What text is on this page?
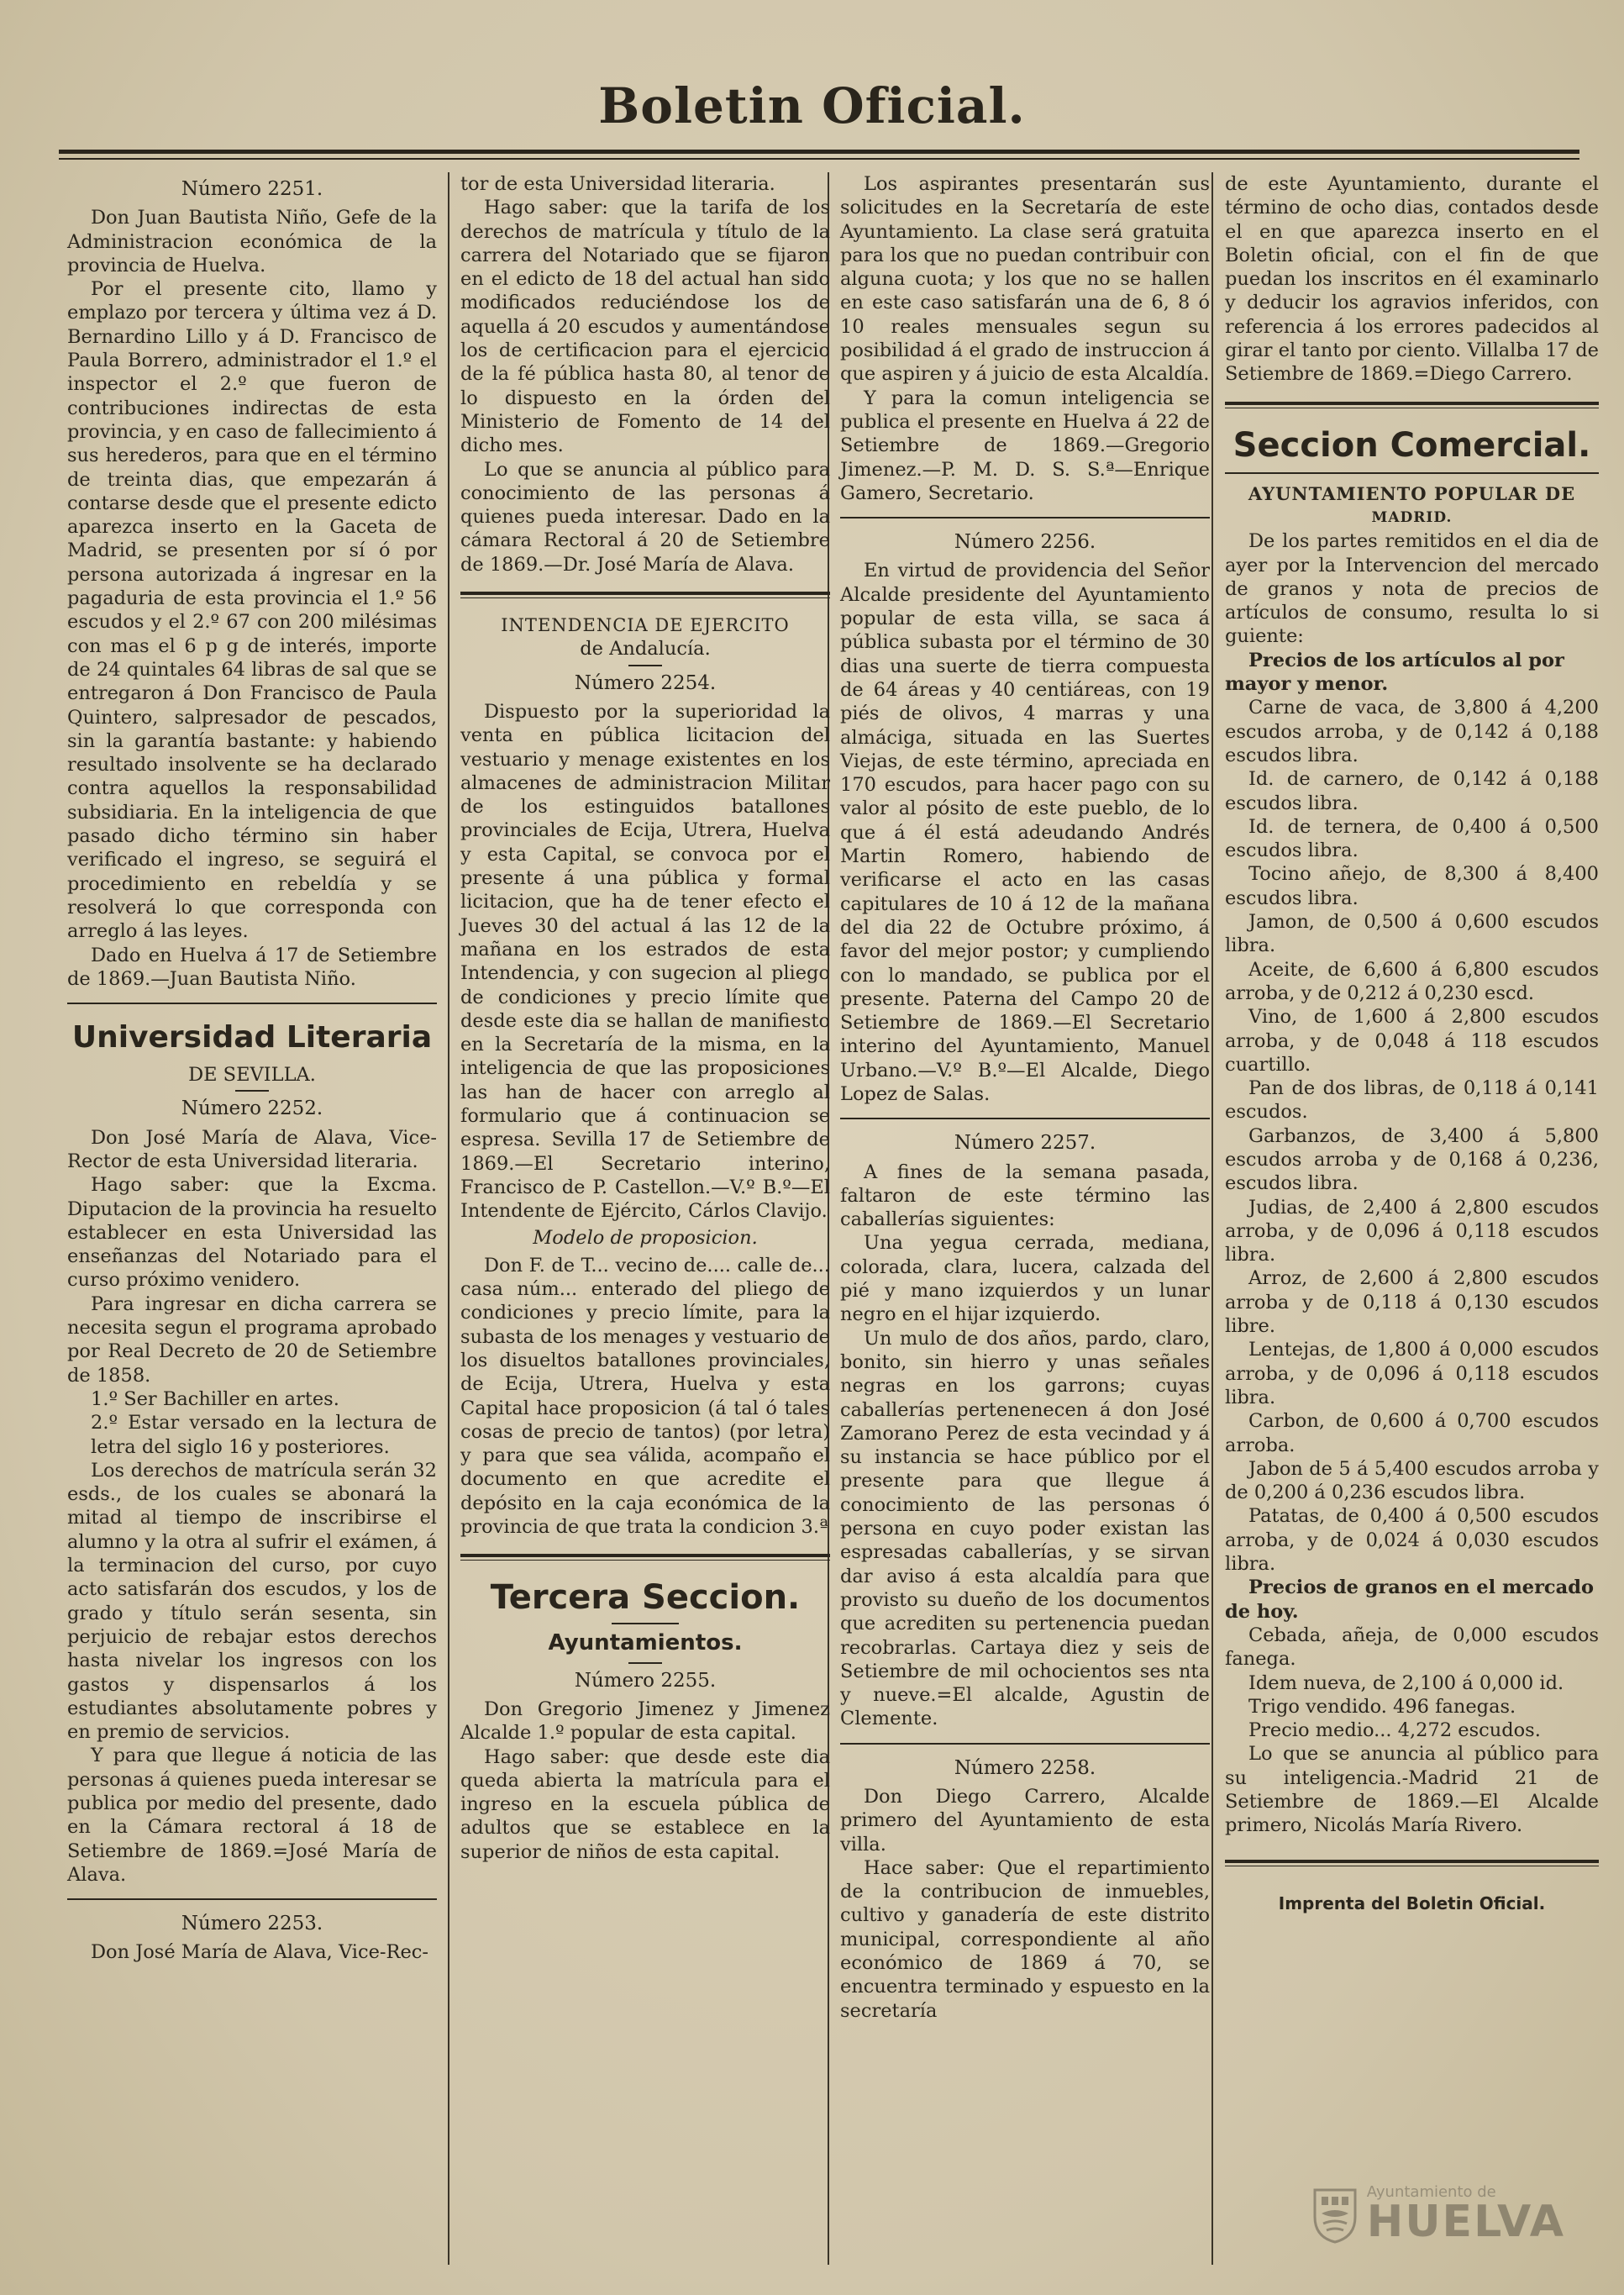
Boletin Oficial.

Número 2251.

Don Juan Bautista Niño, Gefe de la Administracion económica de la provincia de Huelva.

Por el presente cito, llamo y emplazo por tercera y última vez á D. Bernardino Lillo y á D. Francisco de Paula Borrero, administrador el 1.º el inspector el 2.º que fueron de contribuciones indirectas de esta provincia, y en caso de fallecimiento á sus herederos, para que en el término de treinta dias, que empezarán á contarse desde que el presente edicto aparezca inserto en la Gaceta de Madrid, se presenten por sí ó por persona autorizada á ingresar en la pagaduria de esta provincia el 1.º 56 escudos y el 2.º 67 con 200 milésimas con mas el 6 p g de interés, importe de 24 quintales 64 libras de sal que se entregaron á Don Francisco de Paula Quintero, salpresador de pescados, sin la garantía bastante: y habiendo resultado insolvente se ha declarado contra aquellos la responsabilidad subsidiaria. En la inteligencia de que pasado dicho término sin haber verificado el ingreso, se seguirá el procedimiento en rebeldía y se resolverá lo que corresponda con arreglo á las leyes.

Dado en Huelva á 17 de Setiembre de 1869.—Juan Bautista Niño.

Universidad Literaria

DE SEVILLA.

Número 2252.

Don José María de Alava, Vice-Rector de esta Universidad literaria.

Hago saber: que la Excma. Diputacion de la provincia ha resuelto establecer en esta Universidad las enseñanzas del Notariado para el curso próximo venidero.

Para ingresar en dicha carrera se necesita segun el programa aprobado por Real Decreto de 20 de Setiembre de 1858.

1.º Ser Bachiller en artes.

2.º Estar versado en la lectura de letra del siglo 16 y posteriores.

Los derechos de matrícula serán 32 esds., de los cuales se abonará la mitad al tiempo de inscribirse el alumno y la otra al sufrir el exámen, á la terminacion del curso, por cuyo acto satisfarán dos escudos, y los de grado y título serán sesenta, sin perjuicio de rebajar estos derechos hasta nivelar los ingresos con los gastos y dispensarlos á los estudiantes absolutamente pobres y en premio de servicios.

Y para que llegue á noticia de las personas á quienes pueda interesar se publica por medio del presente, dado en la Cámara rectoral á 18 de Setiembre de 1869.=José María de Alava.

Número 2253.

Don José María de Alava, Vice-Rec-

tor de esta Universidad literaria.

Hago saber: que la tarifa de los derechos de matrícula y título de la carrera del Notariado que se fijaron en el edicto de 18 del actual han sido modificados reduciéndose los de aquella á 20 escudos y aumentándose los de certificacion para el ejercicio de la fé pública hasta 80, al tenor de lo dispuesto en la órden del Ministerio de Fomento de 14 del dicho mes.

Lo que se anuncia al público para conocimiento de las personas á quienes pueda interesar. Dado en la cámara Rectoral á 20 de Setiembre de 1869.—Dr. José María de Alava.

INTENDENCIA DE EJERCITO

de Andalucía.

Número 2254.

Dispuesto por la superioridad la venta en pública licitacion del vestuario y menage existentes en los almacenes de administracion Militar de los estinguidos batallones provinciales de Ecija, Utrera, Huelva y esta Capital, se convoca por el presente á una pública y formal licitacion, que ha de tener efecto el Jueves 30 del actual á las 12 de la mañana en los estrados de esta Intendencia, y con sugecion al pliego de condiciones y precio límite que desde este dia se hallan de manifiesto en la Secretaría de la misma, en la inteligencia de que las proposiciones las han de hacer con arreglo al formulario que á continuacion se espresa. Sevilla 17 de Setiembre de 1869.—El Secretario interino, Francisco de P. Castellon.—V.º B.º—El Intendente de Ejército, Cárlos Clavijo.

Modelo de proposicion.

Don F. de T... vecino de.... calle de... casa núm... enterado del pliego de condiciones y precio límite, para la subasta de los menages y vestuario de los disueltos batallones provinciales, de Ecija, Utrera, Huelva y esta Capital hace proposicion (á tal ó tales cosas de precio de tantos) (por letra) y para que sea válida, acompaño el documento en que acredite el depósito en la caja económica de la provincia de que trata la condicion 3.ª

Tercera Seccion.

Ayuntamientos.

Número 2255.

Don Gregorio Jimenez y Jimenez Alcalde 1.º popular de esta capital.

Hago saber: que desde este dia queda abierta la matrícula para el ingreso en la escuela pública de adultos que se establece en la superior de niños de esta capital.

Los aspirantes presentarán sus solicitudes en la Secretaría de este Ayuntamiento. La clase será gratuita para los que no puedan contribuir con alguna cuota; y los que no se hallen en este caso satisfarán una de 6, 8 ó 10 reales mensuales segun su posibilidad á el grado de instruccion á que aspiren y á juicio de esta Alcaldía.

Y para la comun inteligencia se publica el presente en Huelva á 22 de Setiembre de 1869.—Gregorio Jimenez.—P. M. D. S. S.ª—Enrique Gamero, Secretario.

Número 2256.

En virtud de providencia del Señor Alcalde presidente del Ayuntamiento popular de esta villa, se saca á pública subasta por el término de 30 dias una suerte de tierra compuesta de 64 áreas y 40 centiáreas, con 19 piés de olivos, 4 marras y una almáciga, situada en las Suertes Viejas, de este término, apreciada en 170 escudos, para hacer pago con su valor al pósito de este pueblo, de lo que á él está adeudando Andrés Martin Romero, habiendo de verificarse el acto en las casas capitulares de 10 á 12 de la mañana del dia 22 de Octubre próximo, á favor del mejor postor; y cumpliendo con lo mandado, se publica por el presente. Paterna del Campo 20 de Setiembre de 1869.—El Secretario interino del Ayuntamiento, Manuel Urbano.—V.º B.º—El Alcalde, Diego Lopez de Salas.

Número 2257.

A fines de la semana pasada, faltaron de este término las caballerías siguientes:

Una yegua cerrada, mediana, colorada, clara, lucera, calzada del pié y mano izquierdos y un lunar negro en el hijar izquierdo.

Un mulo de dos años, pardo, claro, bonito, sin hierro y unas señales negras en los garrons; cuyas caballerías pertenenecen á don José Zamorano Perez de esta vecindad y á su instancia se hace público por el presente para que llegue á conocimiento de las personas ó persona en cuyo poder existan las espresadas caballerías, y se sirvan dar aviso á esta alcaldía para que provisto su dueño de los documentos que acrediten su pertenencia puedan recobrarlas. Cartaya diez y seis de Setiembre de mil ochocientos ses nta y nueve.=El alcalde, Agustin de Clemente.

Número 2258.

Don Diego Carrero, Alcalde primero del Ayuntamiento de esta villa.

Hace saber: Que el repartimiento de la contribucion de inmuebles, cultivo y ganadería de este distrito municipal, correspondiente al año económico de 1869 á 70, se encuentra terminado y espuesto en la secretaría

de este Ayuntamiento, durante el término de ocho dias, contados desde el en que aparezca inserto en el Boletin oficial, con el fin de que puedan los inscritos en él examinarlo y deducir los agravios inferidos, con referencia á los errores padecidos al girar el tanto por ciento. Villalba 17 de Setiembre de 1869.=Diego Carrero.

Seccion Comercial.

AYUNTAMIENTO POPULAR DE

MADRID.

De los partes remitidos en el dia de ayer por la Intervencion del mercado de granos y nota de precios de artículos de consumo, resulta lo si guiente:

Precios de los artículos al por mayor y menor.

Carne de vaca, de 3,800 á 4,200 escudos arroba, y de 0,142 á 0,188 escudos libra.

Id. de carnero, de 0,142 á 0,188 escudos libra.

Id. de ternera, de 0,400 á 0,500 escudos libra.

Tocino añejo, de 8,300 á 8,400 escudos libra.

Jamon, de 0,500 á 0,600 escudos libra.

Aceite, de 6,600 á 6,800 escudos arroba, y de 0,212 á 0,230 escd.

Vino, de 1,600 á 2,800 escudos arroba, y de 0,048 á 118 escudos cuartillo.

Pan de dos libras, de 0,118 á 0,141 escudos.

Garbanzos, de 3,400 á 5,800 escudos arroba y de 0,168 á 0,236, escudos libra.

Judias, de 2,400 á 2,800 escudos arroba, y de 0,096 á 0,118 escudos libra.

Arroz, de 2,600 á 2,800 escudos arroba y de 0,118 á 0,130 escudos libre.

Lentejas, de 1,800 á 0,000 escudos arroba, y de 0,096 á 0,118 escudos libra.

Carbon, de 0,600 á 0,700 escudos arroba.

Jabon de 5 á 5,400 escudos arroba y de 0,200 á 0,236 escudos libra.

Patatas, de 0,400 á 0,500 escudos arroba, y de 0,024 á 0,030 escudos libra.

Precios de granos en el mercado de hoy.

Cebada, añeja, de 0,000 escudos fanega.

Idem nueva, de 2,100 á 0,000 id.

Trigo vendido. 496 fanegas.

Precio medio... 4,272 escudos.

Lo que se anuncia al público para su inteligencia.-Madrid 21 de Setiembre de 1869.—El Alcalde primero, Nicolás María Rivero.

Imprenta del Boletin Oficial.

Ayuntamiento de
HUELVA
